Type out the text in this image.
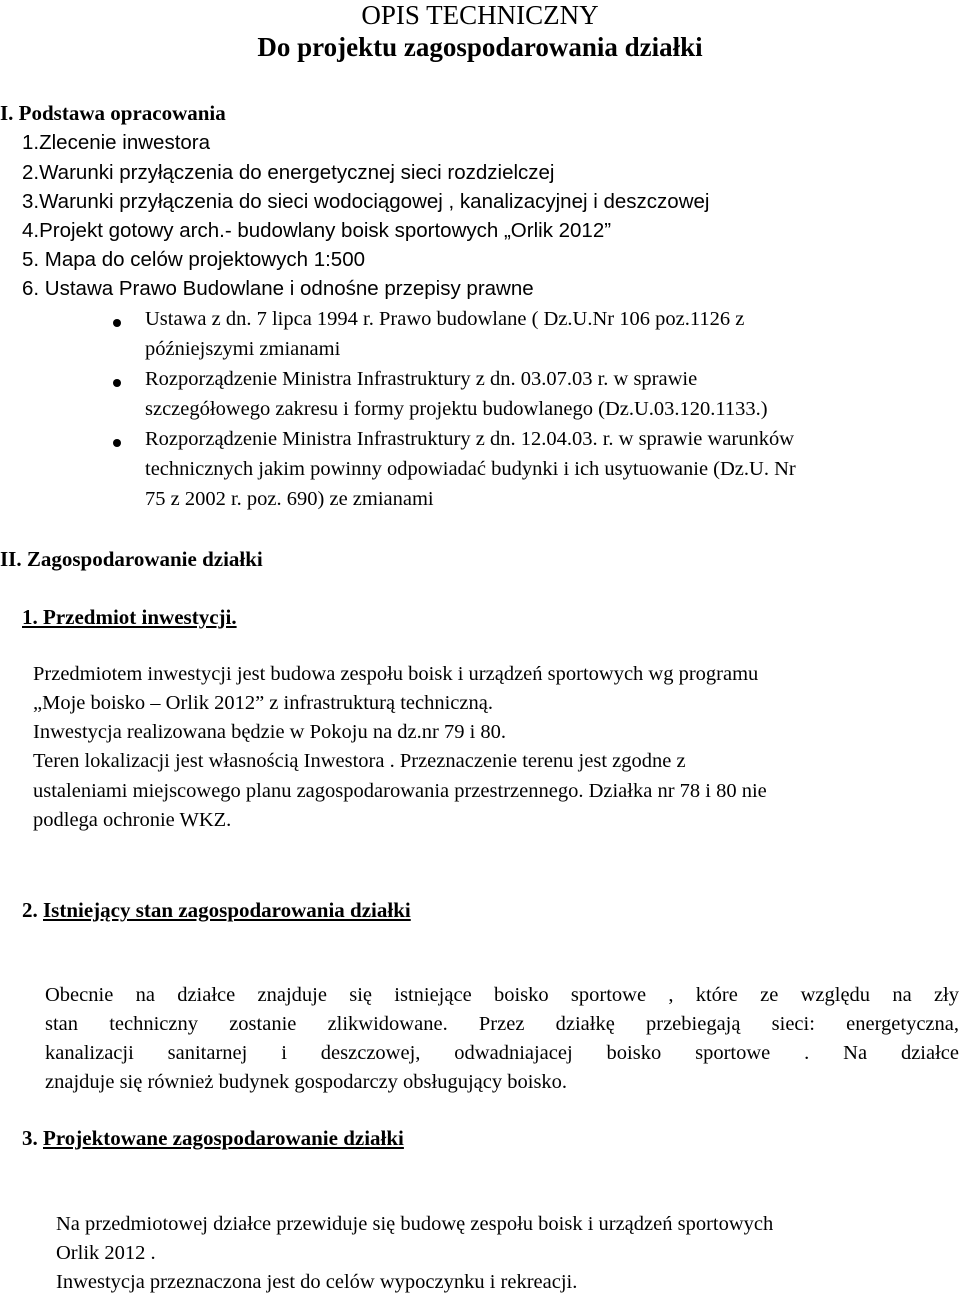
OPIS TECHNICZNY
Do projektu zagospodarowania działki
I. Podstawa opracowania
1.Zlecenie inwestora
2.Warunki przyłączenia do energetycznej sieci rozdzielczej
3.Warunki przyłączenia do sieci wodociągowej , kanalizacyjnej i deszczowej
4.Projekt gotowy arch.- budowlany boisk sportowych „Orlik 2012”
5. Mapa do celów projektowych 1:500
6. Ustawa Prawo Budowlane i odnośne przepisy prawne
Ustawa z dn. 7 lipca 1994 r. Prawo budowlane ( Dz.U.Nr 106 poz.1126 z
późniejszymi zmianami
Rozporządzenie Ministra Infrastruktury z dn. 03.07.03 r. w sprawie
szczegółowego zakresu i formy projektu budowlanego (Dz.U.03.120.1133.)
Rozporządzenie Ministra Infrastruktury z dn. 12.04.03. r. w sprawie warunków
technicznych jakim powinny odpowiadać budynki i ich usytuowanie (Dz.U. Nr
75 z 2002 r. poz. 690) ze zmianami
II. Zagospodarowanie działki
1. Przedmiot inwestycji.
Przedmiotem inwestycji jest budowa zespołu boisk i urządzeń sportowych wg programu
„Moje boisko – Orlik 2012” z infrastrukturą techniczną.
Inwestycja realizowana będzie w Pokoju na dz.nr 79 i 80.
Teren lokalizacji jest własnością Inwestora . Przeznaczenie terenu jest zgodne z
ustaleniami miejscowego planu zagospodarowania przestrzennego. Działka nr 78 i 80 nie
podlega ochronie WKZ.
2. Istniejący stan zagospodarowania działki
Obecnie na działce znajduje się istniejące boisko sportowe , które ze względu na zły
stan techniczny zostanie zlikwidowane. Przez działkę przebiegają sieci: energetyczna,
kanalizacji sanitarnej i deszczowej, odwadniajacej boisko sportowe . Na działce
znajduje się również budynek gospodarczy obsługujący boisko.
3. Projektowane zagospodarowanie działki
Na przedmiotowej działce przewiduje się budowę zespołu boisk i urządzeń sportowych
Orlik 2012 .
Inwestycja przeznaczona jest do celów wypoczynku i rekreacji.
